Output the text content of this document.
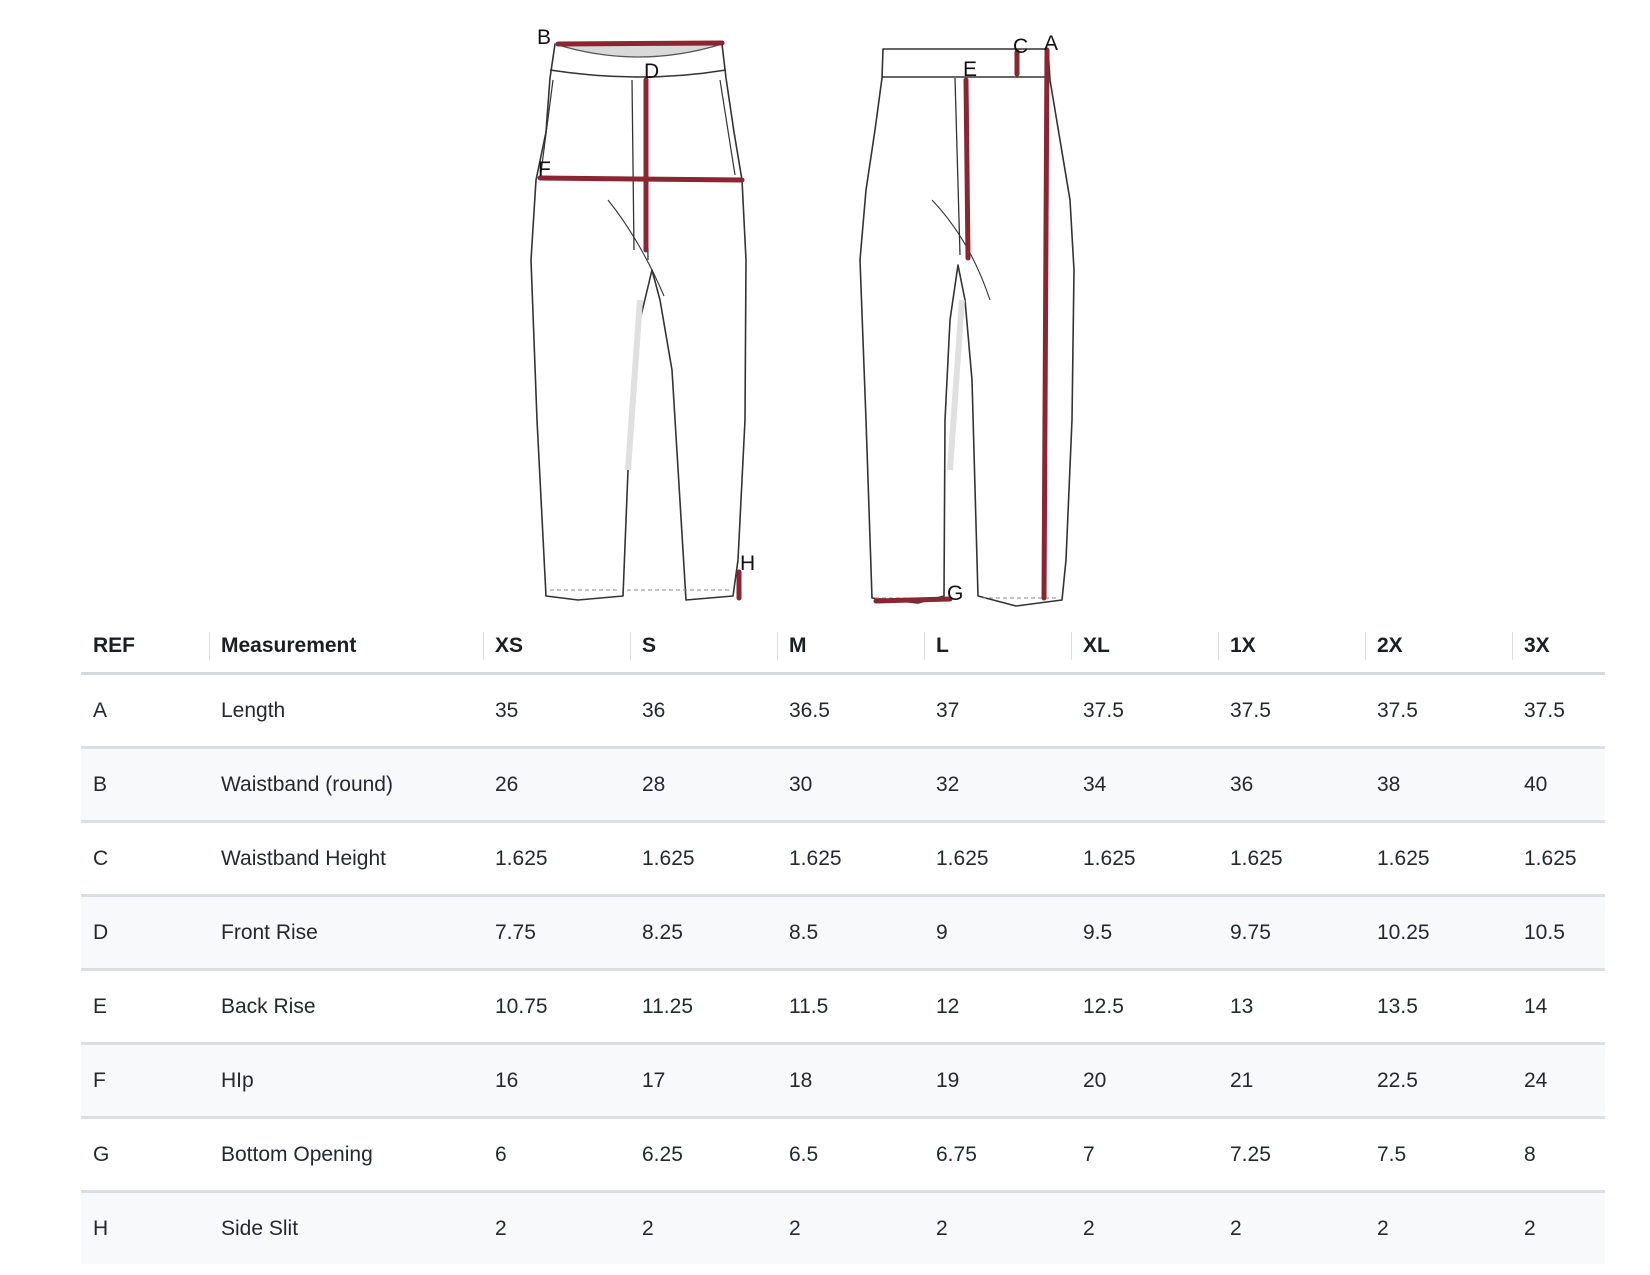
B
D
F
H
C A
E
G
REF	Measurement	XS	S	M	L	XL	1X	2X	3X
A	Length	35	36	36.5	37	37.5	37.5	37.5	37.5
B	Waistband (round)	26	28	30	32	34	36	38	40
C	Waistband Height	1.625	1.625	1.625	1.625	1.625	1.625	1.625	1.625
D	Front Rise	7.75	8.25	8.5	9	9.5	9.75	10.25	10.5
E	Back Rise	10.75	11.25	11.5	12	12.5	13	13.5	14
F	HIp	16	17	18	19	20	21	22.5	24
G	Bottom Opening	6	6.25	6.5	6.75	7	7.25	7.5	8
H	Side Slit	2	2	2	2	2	2	2	2
